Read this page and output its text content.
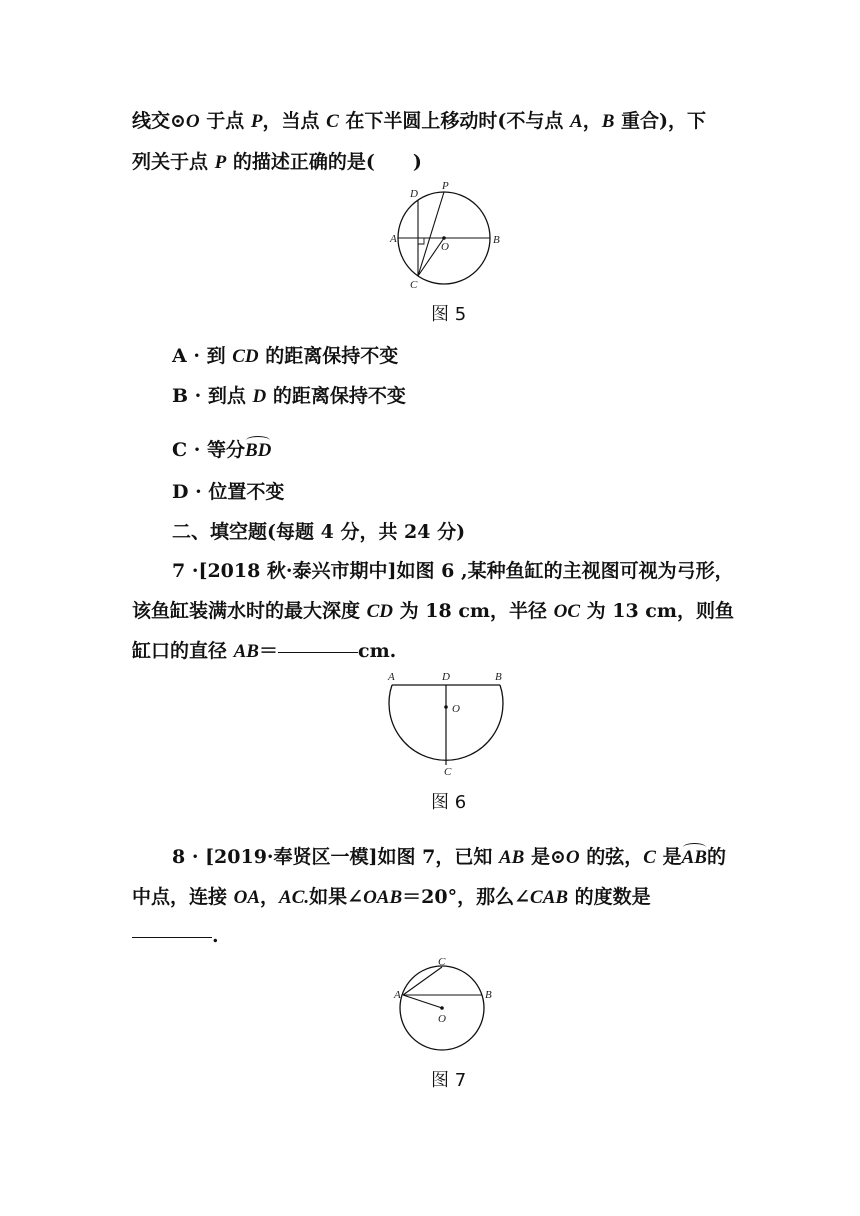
线交⊙O 于点 P，当点 C 在下半圆上移动时(不与点 A，B 重合)，下
列关于点 P 的描述正确的是(　　)
D
P
A
O
B
C
图 5
A · 到 CD 的距离保持不变
B · 到点 D 的距离保持不变
C · 等分BD
D · 位置不变
二、填空题(每题 4 分，共 24 分)
7 ·[2018 秋·泰兴市期中]如图 6 ,某种鱼缸的主视图可视为弓形，
该鱼缸装满水时的最大深度 CD 为 18 cm，半径 OC 为 13 cm，则鱼
缸口的直径 AB＝	cm.
A	D	B
O
C
图 6
8 · [2019·奉贤区一模]如图 7，已知 AB 是⊙O 的弦，C 是AB的
中点，连接 OA，AC.如果∠OAB＝20°，那么∠CAB 的度数是
.
C
A	B
O
图 7
